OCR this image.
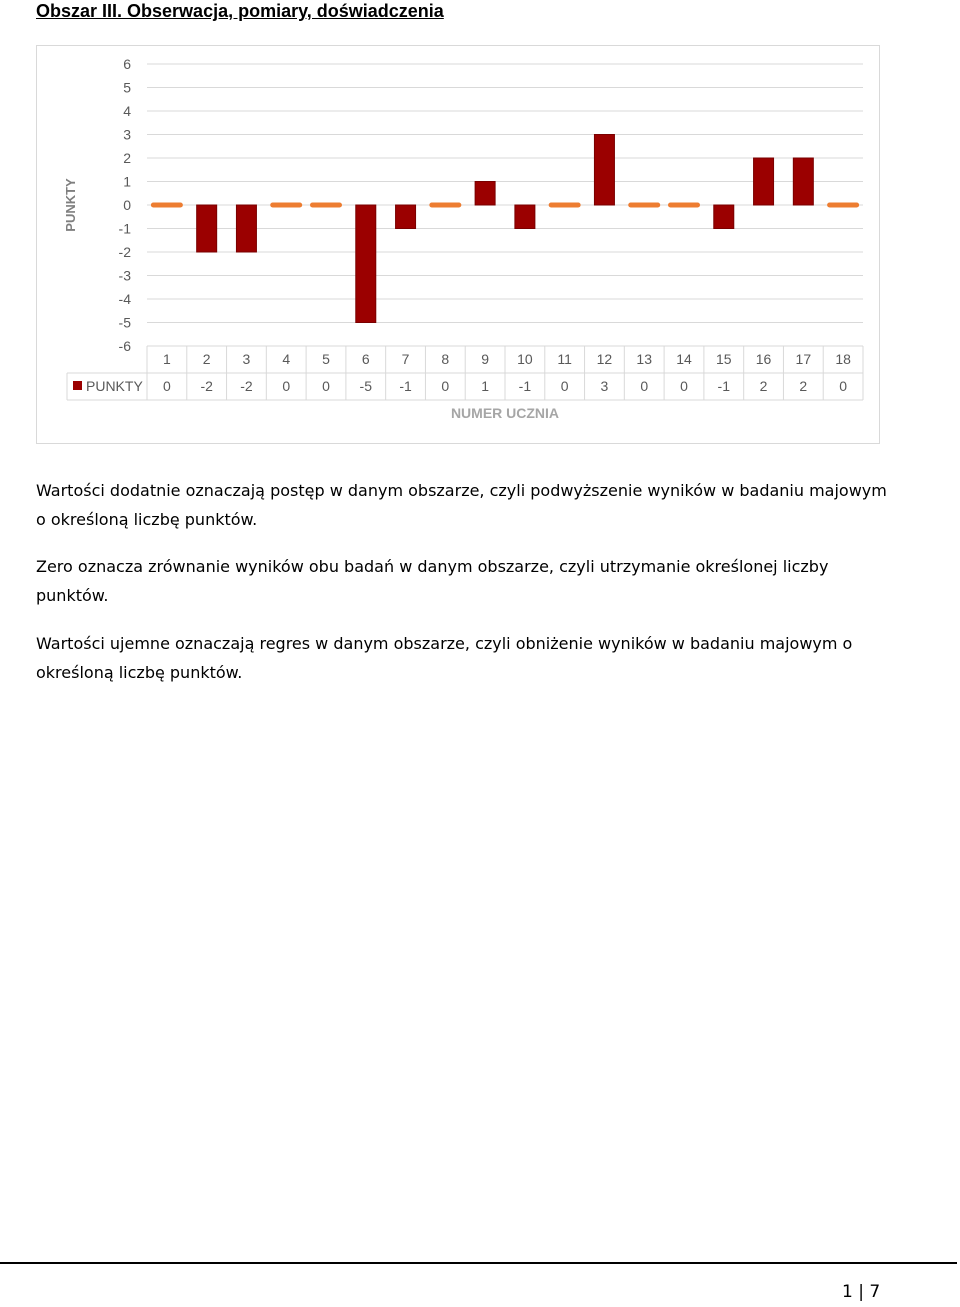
Obszar III. Obserwacja, pomiary, doświadczenia
6
5
4
3
2
1
0
-1
-2
-3
-4
-5
-6
PUNKTY
1
0
2
-2
3
-2
4
0
5
0
6
-5
7
-1
8
0
9
1
10
-1
11
0
12
3
13
0
14
0
15
-1
16
2
17
2
18
0
PUNKTY
NUMER UCZNIA

Wartości dodatnie oznaczają postęp w danym obszarze, czyli podwyższenie wyników w badaniu majowym o określoną liczbę punktów.

Zero oznacza zrównanie wyników obu badań w danym obszarze, czyli utrzymanie określonej liczby punktów.

Wartości ujemne oznaczają regres w danym obszarze, czyli obniżenie wyników w badaniu majowym o określoną liczbę punktów.

1 | 7
